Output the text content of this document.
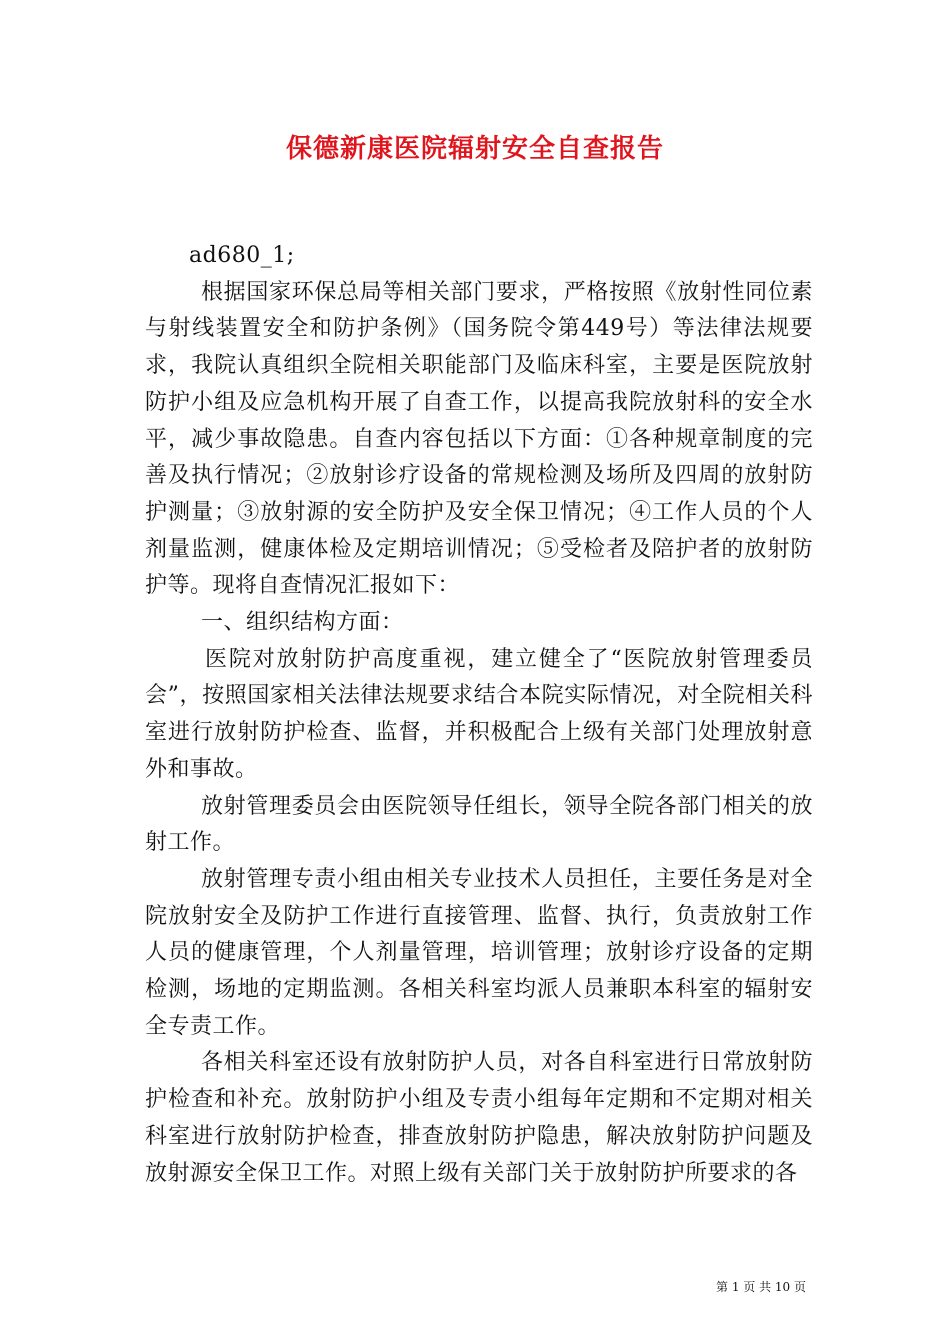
保德新康医院辐射安全自查报告

ad680_1;

根据国家环保总局等相关部门要求，严格按照《放射性同位素与射线装置安全和防护条例》（国务院令第449号）等法律法规要求，我院认真组织全院相关职能部门及临床科室，主要是医院放射防护小组及应急机构开展了自查工作，以提高我院放射科的安全水平，减少事故隐患。自查内容包括以下方面：①各种规章制度的完善及执行情况；②放射诊疗设备的常规检测及场所及四周的放射防护测量；③放射源的安全防护及安全保卫情况；④工作人员的个人剂量监测，健康体检及定期培训情况；⑤受检者及陪护者的放射防护等。现将自查情况汇报如下：

一、组织结构方面：

医院对放射防护高度重视，建立健全了“医院放射管理委员会”，按照国家相关法律法规要求结合本院实际情况，对全院相关科室进行放射防护检查、监督，并积极配合上级有关部门处理放射意外和事故。

放射管理委员会由医院领导任组长，领导全院各部门相关的放射工作。

放射管理专责小组由相关专业技术人员担任，主要任务是对全院放射安全及防护工作进行直接管理、监督、执行，负责放射工作人员的健康管理，个人剂量管理，培训管理；放射诊疗设备的定期检测，场地的定期监测。各相关科室均派人员兼职本科室的辐射安全专责工作。

各相关科室还设有放射防护人员，对各自科室进行日常放射防护检查和补充。放射防护小组及专责小组每年定期和不定期对相关科室进行放射防护检查，排查放射防护隐患，解决放射防护问题及放射源安全保卫工作。对照上级有关部门关于放射防护所要求的各

第 1 页 共 10 页
